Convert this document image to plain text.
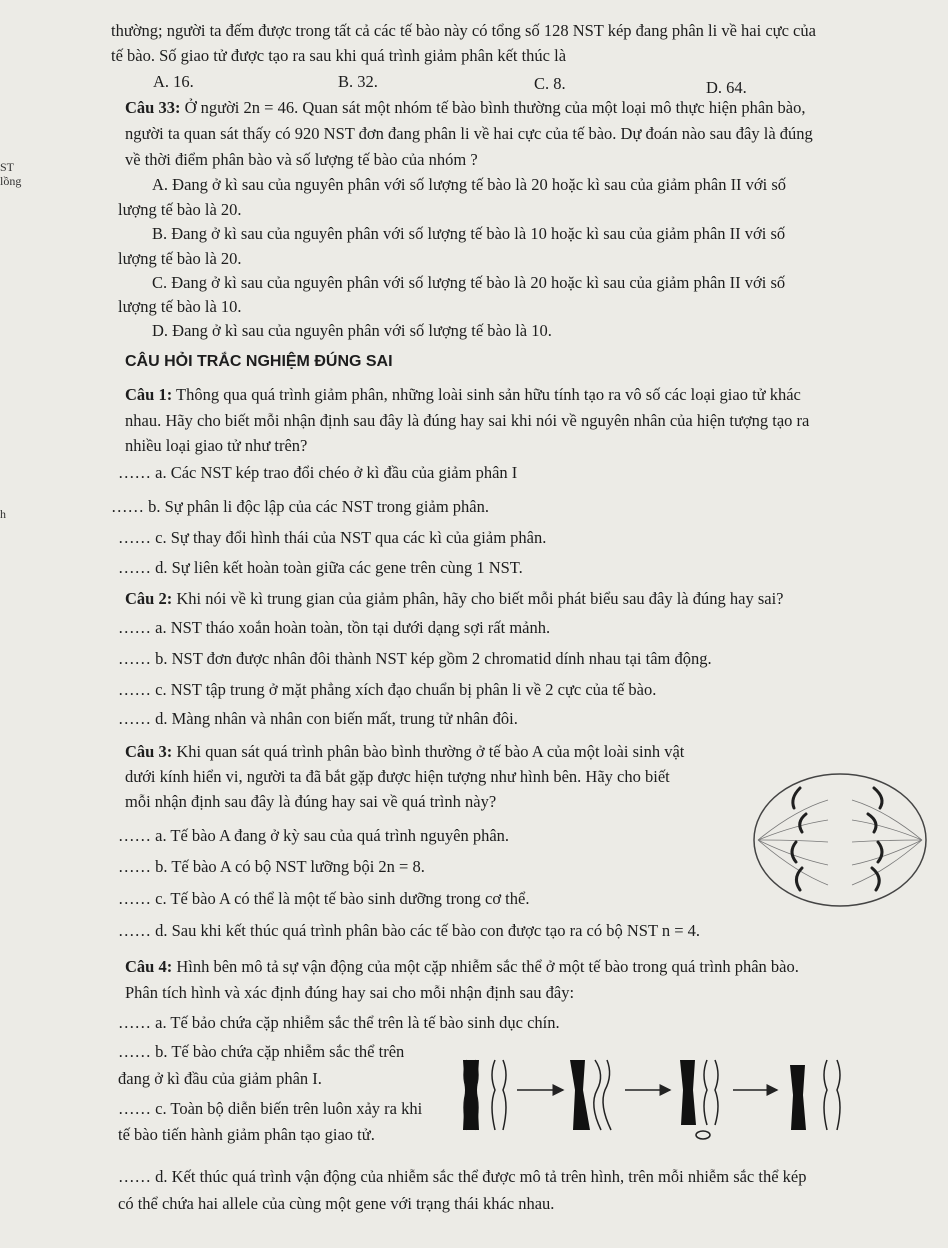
ST
lồng
h
thường; người ta đếm được trong tất cả các tế bào này có tổng số 128 NST kép đang phân li về hai cực của
tế bào. Số giao tử được tạo ra sau khi quá trình giảm phân kết thúc là
A. 16.	B. 32.	C. 8.	D. 64.
Câu 33: Ở người 2n = 46. Quan sát một nhóm tế bào bình thường của một loại mô thực hiện phân bào,
người ta quan sát thấy có 920 NST đơn đang phân li về hai cực của tế bào. Dự đoán nào sau đây là đúng
về thời điểm phân bào và số lượng tế bào của nhóm ?
A. Đang ở kì sau của nguyên phân với số lượng tế bào là 20 hoặc kì sau của giảm phân II với số
lượng tế bào là 20.
B. Đang ở kì sau của nguyên phân với số lượng tế bào là 10 hoặc kì sau của giảm phân II với số
lượng tế bào là 20.
C. Đang ở kì sau của nguyên phân với số lượng tế bào là 20 hoặc kì sau của giảm phân II với số
lượng tế bào là 10.
D. Đang ở kì sau của nguyên phân với số lượng tế bào là 10.
CÂU HỎI TRẮC NGHIỆM ĐÚNG SAI
Câu 1: Thông qua quá trình giảm phân, những loài sinh sản hữu tính tạo ra vô số các loại giao tử khác
nhau. Hãy cho biết mỗi nhận định sau đây là đúng hay sai khi nói về nguyên nhân của hiện tượng tạo ra
nhiều loại giao tử như trên?
…… a. Các NST kép trao đổi chéo ở kì đầu của giảm phân I
…… b. Sự phân li độc lập của các NST trong giảm phân.
…… c. Sự thay đổi hình thái của NST qua các kì của giảm phân.
…… d. Sự liên kết hoàn toàn giữa các gene trên cùng 1 NST.
Câu 2: Khi nói về kì trung gian của giảm phân, hãy cho biết mỗi phát biểu sau đây là đúng hay sai?
…… a. NST tháo xoắn hoàn toàn, tồn tại dưới dạng sợi rất mảnh.
…… b. NST đơn được nhân đôi thành NST kép gồm 2 chromatid dính nhau tại tâm động.
…… c. NST tập trung ở mặt phẳng xích đạo chuẩn bị phân li về 2 cực của tế bào.
…… d. Màng nhân và nhân con biến mất, trung tử nhân đôi.
Câu 3: Khi quan sát quá trình phân bào bình thường ở tế bào A của một loài sinh vật
dưới kính hiển vi, người ta đã bắt gặp được hiện tượng như hình bên. Hãy cho biết
mỗi nhận định sau đây là đúng hay sai về quá trình này?
…… a. Tế bào A đang ở kỳ sau của quá trình nguyên phân.
…… b. Tế bào A có bộ NST lưỡng bội 2n = 8.
…… c. Tế bào A có thể là một tế bào sinh dưỡng trong cơ thể.
…… d. Sau khi kết thúc quá trình phân bào các tế bào con được tạo ra có bộ NST n = 4.
Câu 4: Hình bên mô tả sự vận động của một cặp nhiễm sắc thể ở một tế bào trong quá trình phân bào.
Phân tích hình và xác định đúng hay sai cho mỗi nhận định sau đây:
…… a. Tế bảo chứa cặp nhiễm sắc thể trên là tế bào sinh dục chín.
…… b. Tế bào chứa cặp nhiễm sắc thể trên
đang ở kì đầu của giảm phân I.
…… c. Toàn bộ diễn biến trên luôn xảy ra khi
tế bào tiến hành giảm phân tạo giao tử.
…… d. Kết thúc quá trình vận động của nhiễm sắc thể được mô tả trên hình, trên mỗi nhiễm sắc thể kép
có thể chứa hai allele của cùng một gene với trạng thái khác nhau.
